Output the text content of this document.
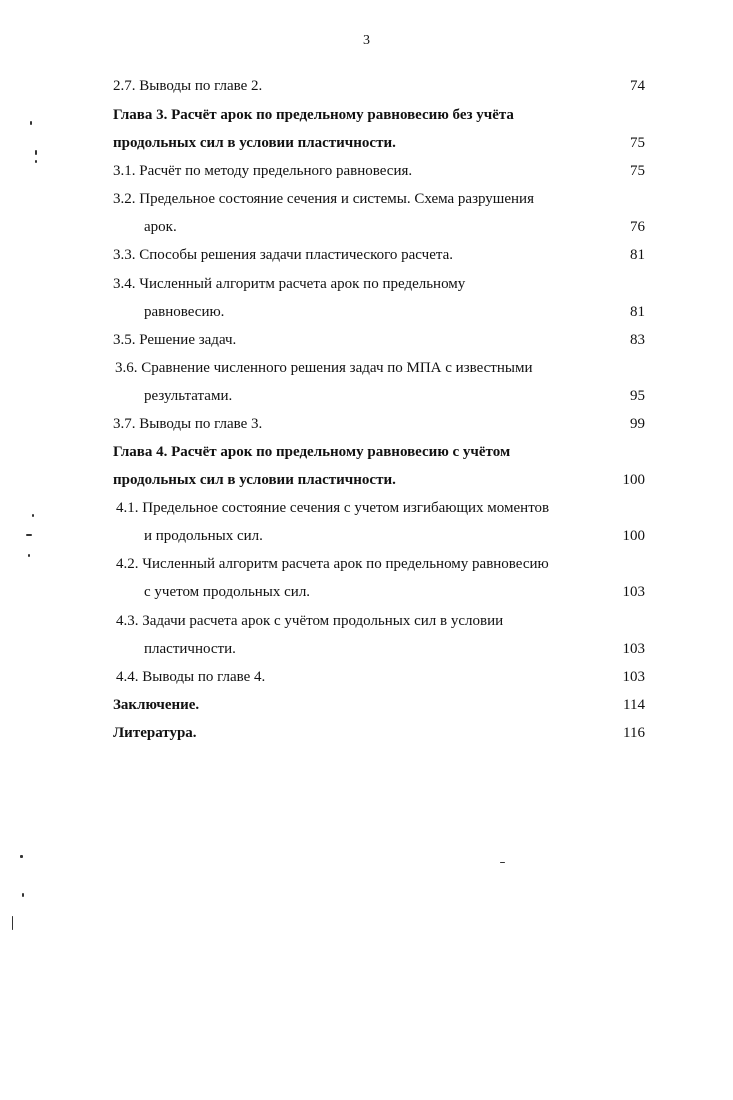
3
2.7. Выводы по главе 2.	74
Глава 3. Расчёт арок по предельному равновесию без учёта
продольных сил в условии пластичности.	75
3.1. Расчёт по методу предельного равновесия.	75
3.2. Предельное состояние сечения и системы. Схема разрушения
арок.	76
3.3. Способы решения задачи пластического расчета.	81
3.4. Численный алгоритм расчета арок по предельному
равновесию.	81
3.5. Решение задач.	83
3.6. Сравнение численного решения задач по МПА с известными
результатами.	95
3.7. Выводы по главе 3.	99
Глава 4. Расчёт арок по предельному равновесию с учётом
продольных сил в условии пластичности.	100
4.1. Предельное состояние сечения с учетом изгибающих моментов
и продольных сил.	100
4.2. Численный алгоритм расчета арок по предельному равновесию
с учетом продольных сил.	103
4.3. Задачи расчета арок с учётом продольных сил в условии
пластичности.	103
4.4. Выводы по главе 4.	103
Заключение.	114
Литература.	116
